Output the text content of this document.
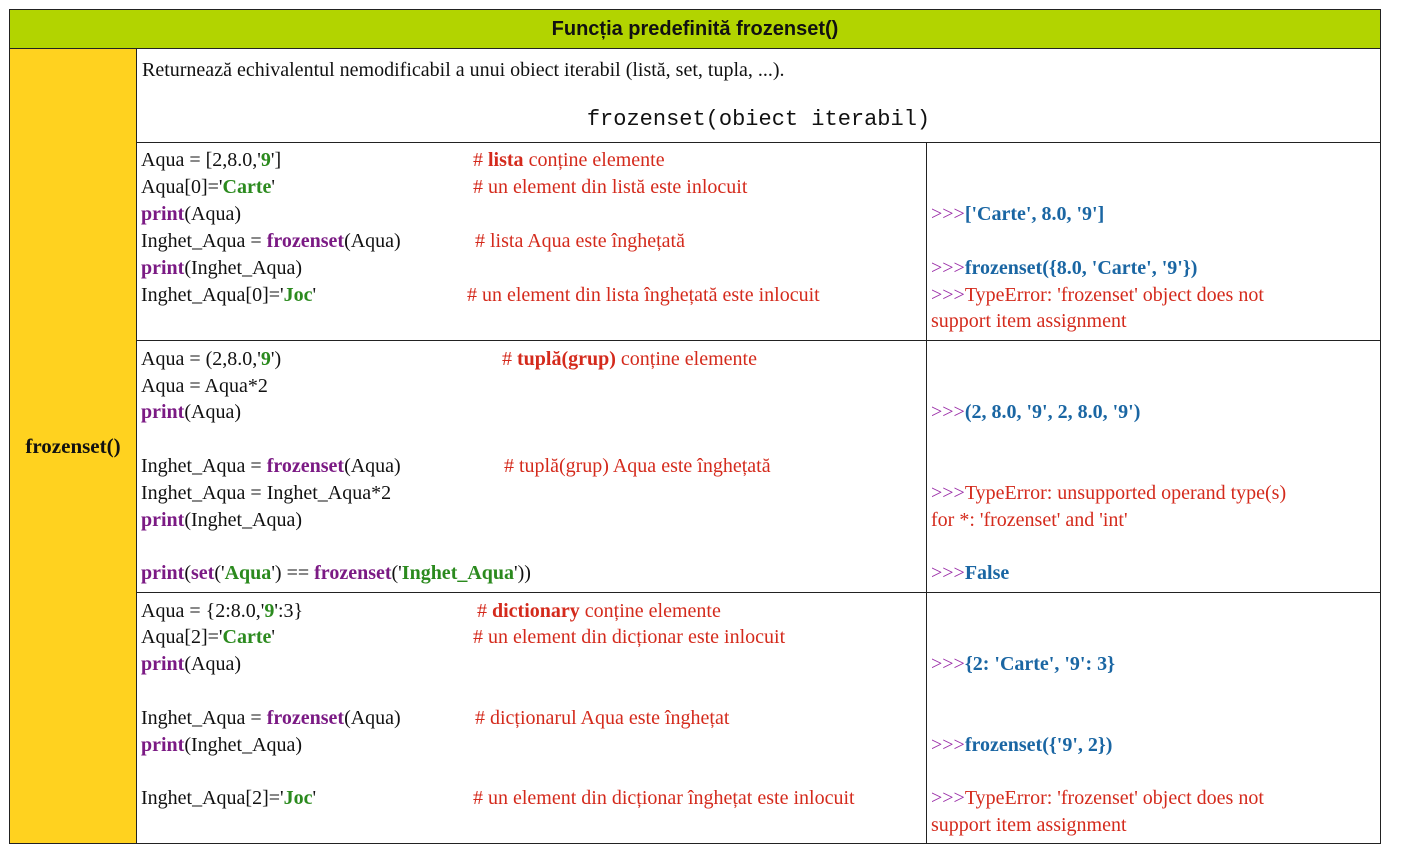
Funcția predefinită frozenset()
frozenset()
Returnează echivalentul nemodificabil a unui obiect iterabil (listă, set, tupla, ...).
frozenset(obiect iterabil)
Aqua = [2,8.0,'9']	# lista conține elemente
Aqua[0]='Carte'	# un element din listă este inlocuit
print(Aqua)	>>>['Carte', 8.0, '9']
Inghet_Aqua = frozenset(Aqua)	# lista Aqua este înghețată
print(Inghet_Aqua)	>>>frozenset({8.0, 'Carte', '9'})
Inghet_Aqua[0]='Joc'	# un element din lista înghețată este inlocuit	>>>TypeError: 'frozenset' object does not
support item assignment
Aqua = (2,8.0,'9')	# tuplă(grup) conține elemente
Aqua = Aqua*2
print(Aqua)	>>>(2, 8.0, '9', 2, 8.0, '9')
Inghet_Aqua = frozenset(Aqua)	# tuplă(grup) Aqua este înghețată
Inghet_Aqua = Inghet_Aqua*2	>>>TypeError: unsupported operand type(s)
for *: 'frozenset' and 'int'
print(Inghet_Aqua)
print(set('Aqua') == frozenset('Inghet_Aqua'))	>>>False
Aqua = {2:8.0,'9':3}	# dictionary conține elemente
Aqua[2]='Carte'	# un element din dicționar este inlocuit
print(Aqua)	>>>{2: 'Carte', '9': 3}
Inghet_Aqua = frozenset(Aqua)	# dicționarul Aqua este înghețat
print(Inghet_Aqua)	>>>frozenset({'9', 2})
Inghet_Aqua[2]='Joc'	# un element din dicționar înghețat este inlocuit	>>>TypeError: 'frozenset' object does not
support item assignment
